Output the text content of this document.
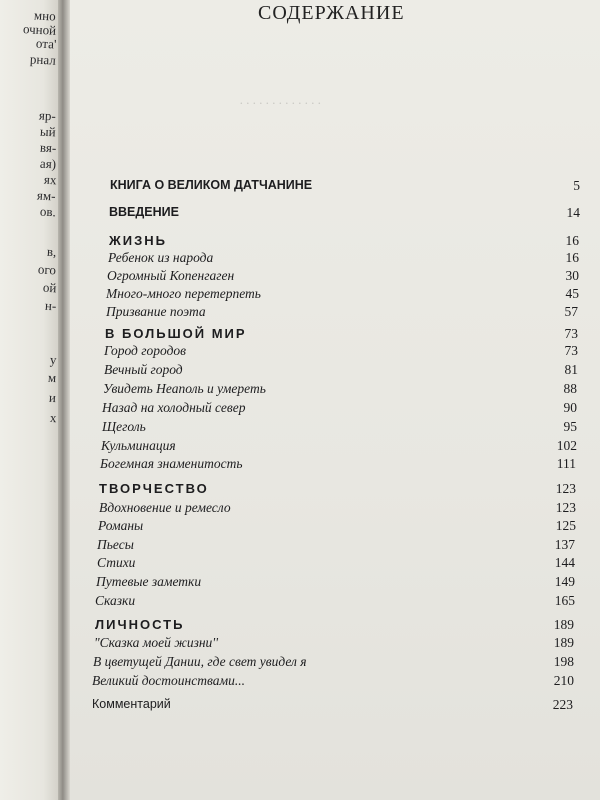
мно
очной
ота'
рнал
яр-
ый
вя-
ая)
ях
ям-
ов.
в,
ого
ой
н-
у
м
и
х
. . . . . . . . . . . . .
СОДЕРЖАНИЕ
КНИГА О ВЕЛИКОМ ДАТЧАНИНЕ	5
ВВЕДЕНИЕ	14
ЖИЗНЬ	16
Ребенок из народа	16
Огромный Копенгаген	30
Много-много перетерпеть	45
Призвание поэта	57
В БОЛЬШОЙ МИР	73
Город городов	73
Вечный город	81
Увидеть Неаполь и умереть	88
Назад на холодный север	90
Щеголь	95
Кульминация	102
Богемная знаменитость	111
ТВОРЧЕСТВО	123
Вдохновение и ремесло	123
Романы	125
Пьесы	137
Стихи	144
Путевые заметки	149
Сказки	165
ЛИЧНОСТЬ	189
"Сказка моей жизни''	189
В цветущей Дании, где свет увидел я	198
Великий достоинствами...	210
Комментарий	223
